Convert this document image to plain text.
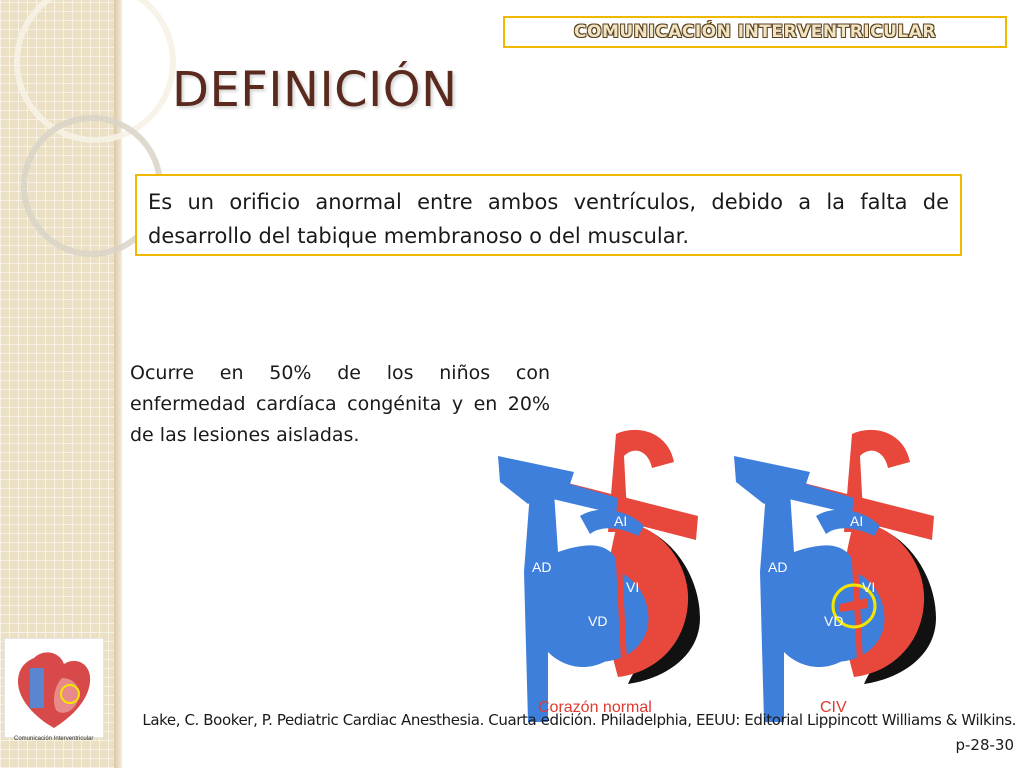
COMUNICACIÓN INTERVENTRICULAR
DEFINICIÓN

Es un orificio anormal entre ambos ventrículos, debido a la falta de desarrollo del tabique membranoso o del muscular.

Ocurre en 50% de los niños con enfermedad cardíaca congénita y en 20% de las lesiones aisladas.

AI
AD
VI
VD
Corazón normal
AI
AD
VI
VD
CIV
Comunicación Interventricular

Lake, C. Booker, P. Pediatric Cardiac Anesthesia. Cuarta edición. Philadelphia, EEUU: Editorial Lippincott Williams & Wilkins.

p-28-30
